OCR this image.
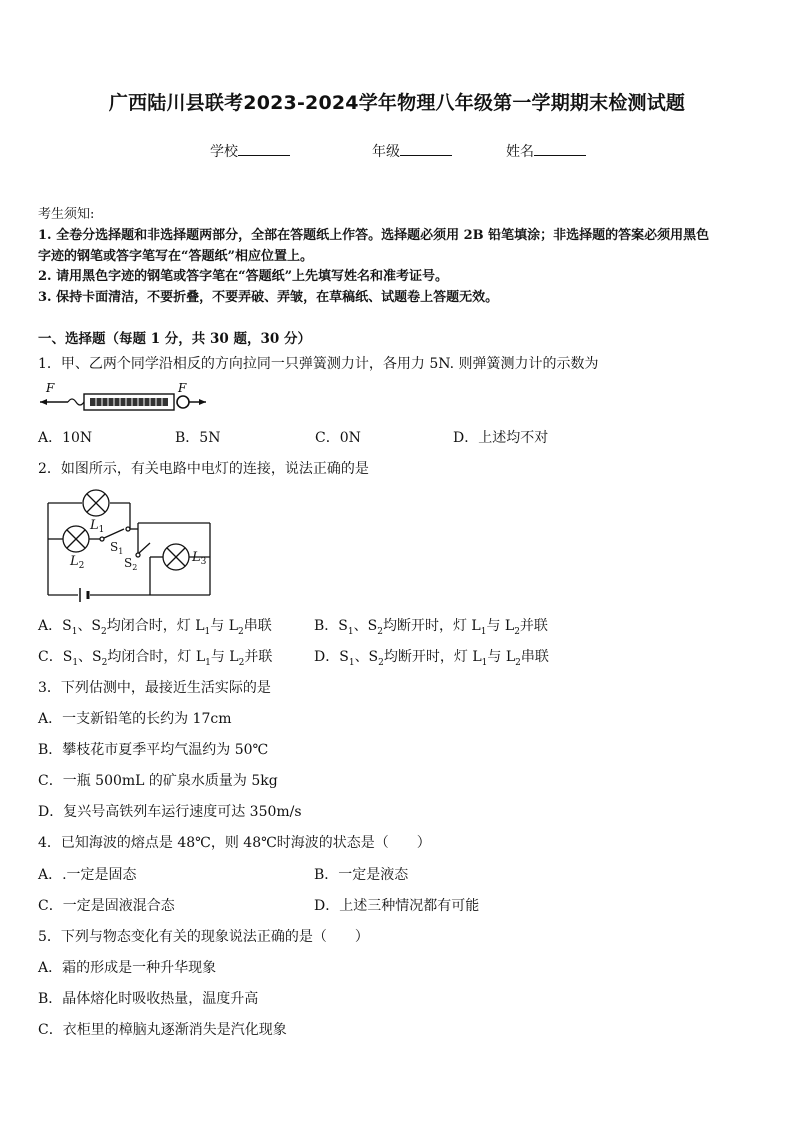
广西陆川县联考2023-2024学年物理八年级第一学期期末检测试题
学校	年级	姓名
考生须知:
1. 全卷分选择题和非选择题两部分，全部在答题纸上作答。选择题必须用 2B 铅笔填涂；非选择题的答案必须用黑色
字迹的钢笔或答字笔写在“答题纸”相应位置上。
2. 请用黑色字迹的钢笔或答字笔在“答题纸”上先填写姓名和准考证号。
3. 保持卡面清洁，不要折叠，不要弄破、弄皱，在草稿纸、试题卷上答题无效。
一、选择题（每题 1 分，共 30 题，30 分）
1．甲、乙两个同学沿相反的方向拉同一只弹簧测力计，各用力 5N. 则弹簧测力计的示数为
F	F
A．10N	B．5N	C．0N	D．上述均不对
2．如图所示，有关电路中电灯的连接，说法正确的是
$L_1$
$L_2$
$L_3$
$S_1$
$S_2$
A．$S_1$、$S_2$均闭合时，灯 $L_1$与 $L_2$串联	B．$S_1$、$S_2$均断开时，灯 $L_1$与 $L_2$并联
C．$S_1$、$S_2$均闭合时，灯 $L_1$与 $L_2$并联	D．$S_1$、$S_2$均断开时，灯 $L_1$与 $L_2$串联
3．下列估测中，最接近生活实际的是
A．一支新铅笔的长约为 17cm
B．攀枝花市夏季平均气温约为 50℃
C．一瓶 500mL 的矿泉水质量为 5kg
D．复兴号高铁列车运行速度可达 350m/s
4．已知海波的熔点是 48℃，则 48℃时海波的状态是（　　）
A．.一定是固态	B．一定是液态
C．一定是固液混合态	D．上述三种情况都有可能
5．下列与物态变化有关的现象说法正确的是（　　）
A．霜的形成是一种升华现象
B．晶体熔化时吸收热量，温度升高
C．衣柜里的樟脑丸逐渐消失是汽化现象
